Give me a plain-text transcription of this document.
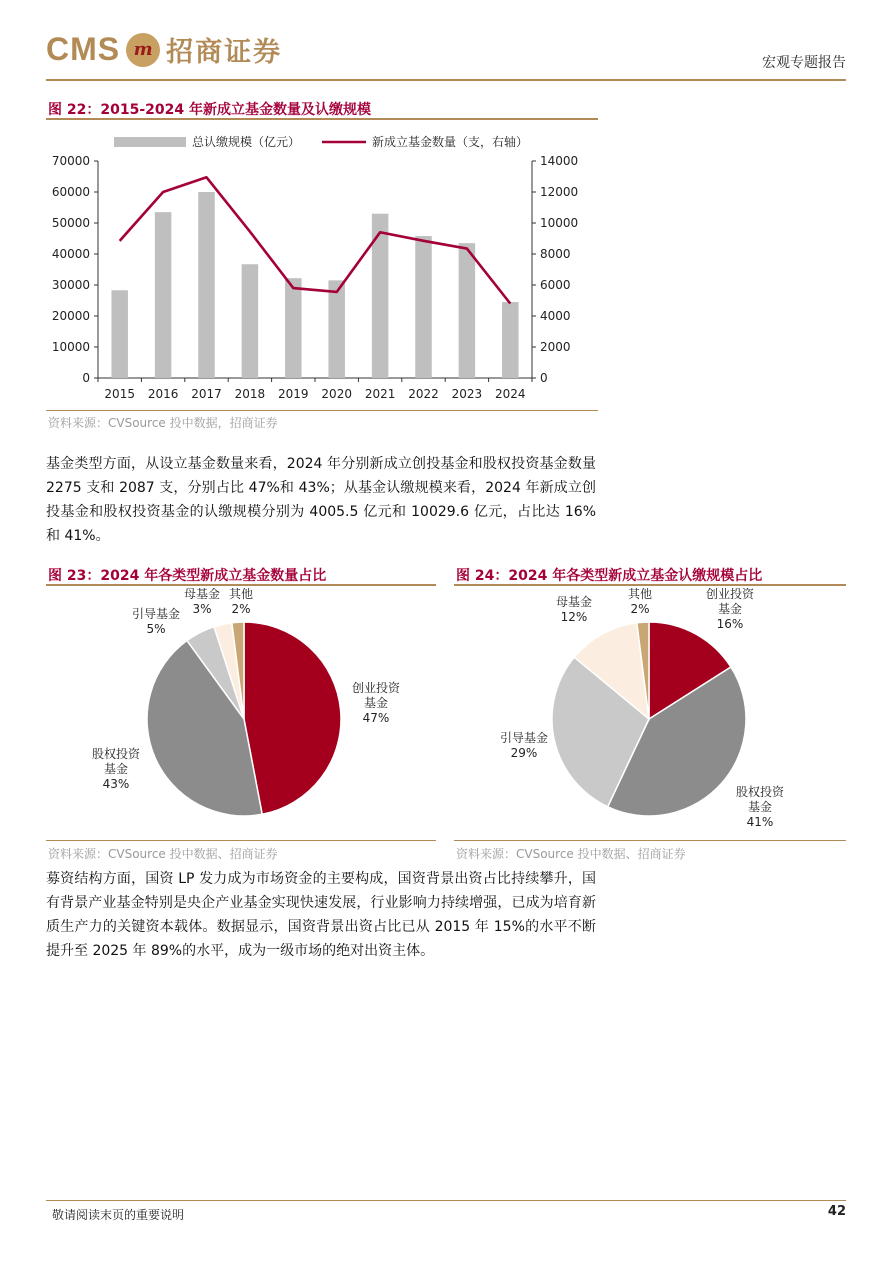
CMS m 招商证券	宏观专题报告
图 22：2015-2024 年新成立基金数量及认缴规模
总认缴规模（亿元）	新成立基金数量（支，右轴）
0
10000
20000
30000
40000
50000
60000
70000
0
2000
4000
6000
8000
10000
12000
14000
2015 2016 2017 2018 2019 2020 2021 2022 2023 2024
资料来源：CVSource 投中数据，招商证券

基金类型方面，从设立基金数量来看，2024 年分别新成立创投基金和股权投资基金数量 2275 支和 2087 支，分别占比 47%和 43%；从基金认缴规模来看，2024 年新成立创投基金和股权投资基金的认缴规模分别为 4005.5 亿元和 10029.6 亿元，占比达 16%和 41%。

图 23：2024 年各类型新成立基金数量占比
创业投资
基金
47%
股权投资
基金
43%
引导基金
5%
母基金
3%
其他
2%
资料来源：CVSource 投中数据、招商证券
图 24：2024 年各类型新成立基金认缴规模占比
创业投资
基金
16%
股权投资
基金
41%
引导基金
29%
母基金
12%
其他
2%
资料来源：CVSource 投中数据、招商证券

募资结构方面，国资 LP 发力成为市场资金的主要构成，国资背景出资占比持续攀升，国有背景产业基金特别是央企产业基金实现快速发展，行业影响力持续增强，已成为培育新质生产力的关键资本载体。数据显示，国资背景出资占比已从 2015 年 15%的水平不断提升至 2025 年 89%的水平，成为一级市场的绝对出资主体。

敬请阅读末页的重要说明	42
